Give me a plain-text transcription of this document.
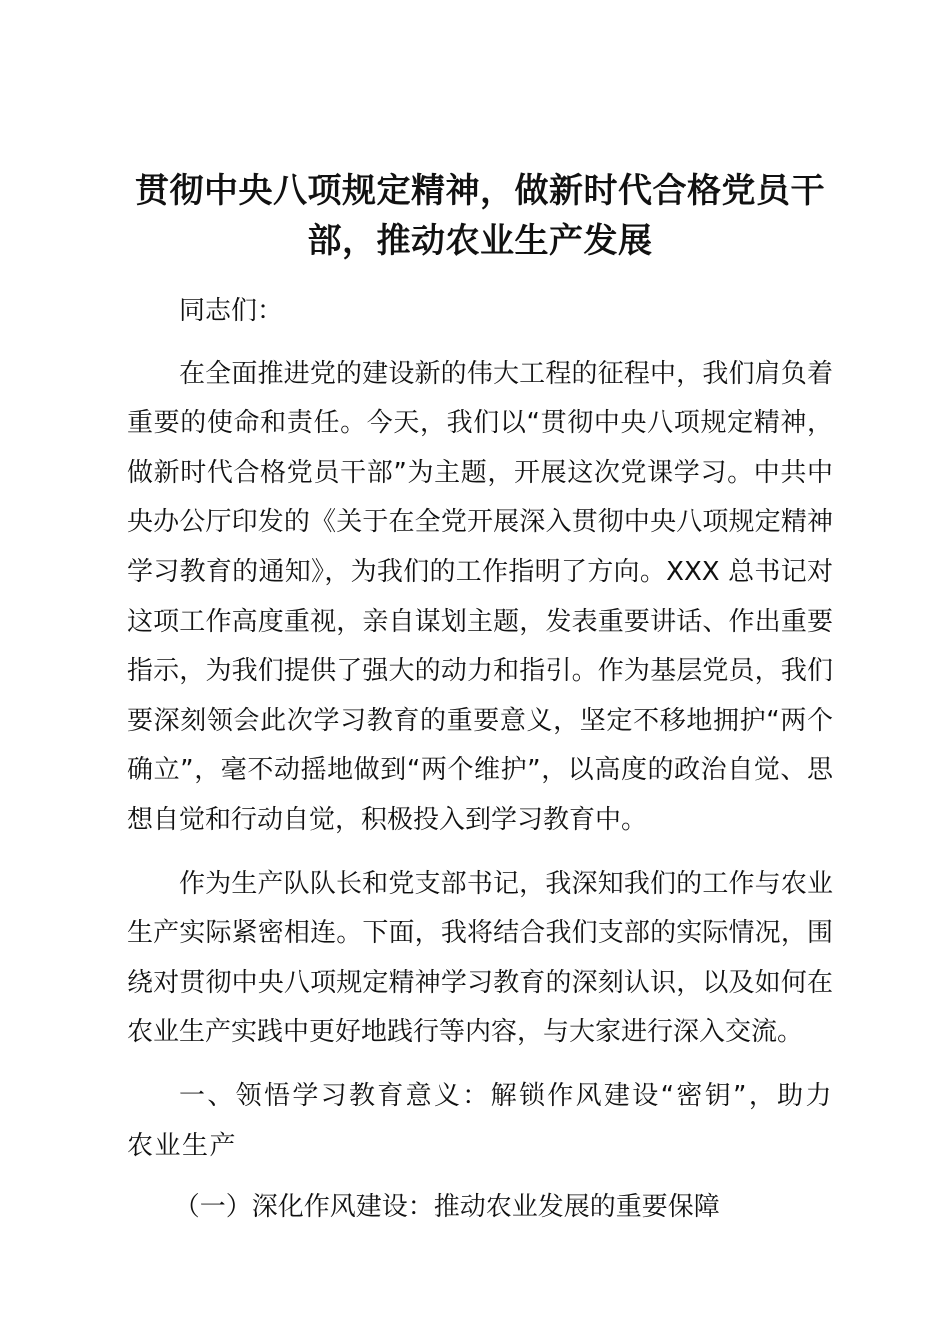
贯彻中央八项规定精神，做新时代合格党员干部，推动农业生产发展

同志们：

在全面推进党的建设新的伟大工程的征程中，我们肩负着重要的使命和责任。今天，我们以“贯彻中央八项规定精神，做新时代合格党员干部”为主题，开展这次党课学习。中共中央办公厅印发的《关于在全党开展深入贯彻中央八项规定精神学习教育的通知》，为我们的工作指明了方向。XXX 总书记对这项工作高度重视，亲自谋划主题，发表重要讲话、作出重要指示，为我们提供了强大的动力和指引。作为基层党员，我们要深刻领会此次学习教育的重要意义，坚定不移地拥护“两个确立”，毫不动摇地做到“两个维护”，以高度的政治自觉、思想自觉和行动自觉，积极投入到学习教育中。

作为生产队队长和党支部书记，我深知我们的工作与农业生产实际紧密相连。下面，我将结合我们支部的实际情况，围绕对贯彻中央八项规定精神学习教育的深刻认识，以及如何在农业生产实践中更好地践行等内容，与大家进行深入交流。

一、领悟学习教育意义：解锁作风建设“密钥”，助力农业生产

（一）深化作风建设：推动农业发展的重要保障
